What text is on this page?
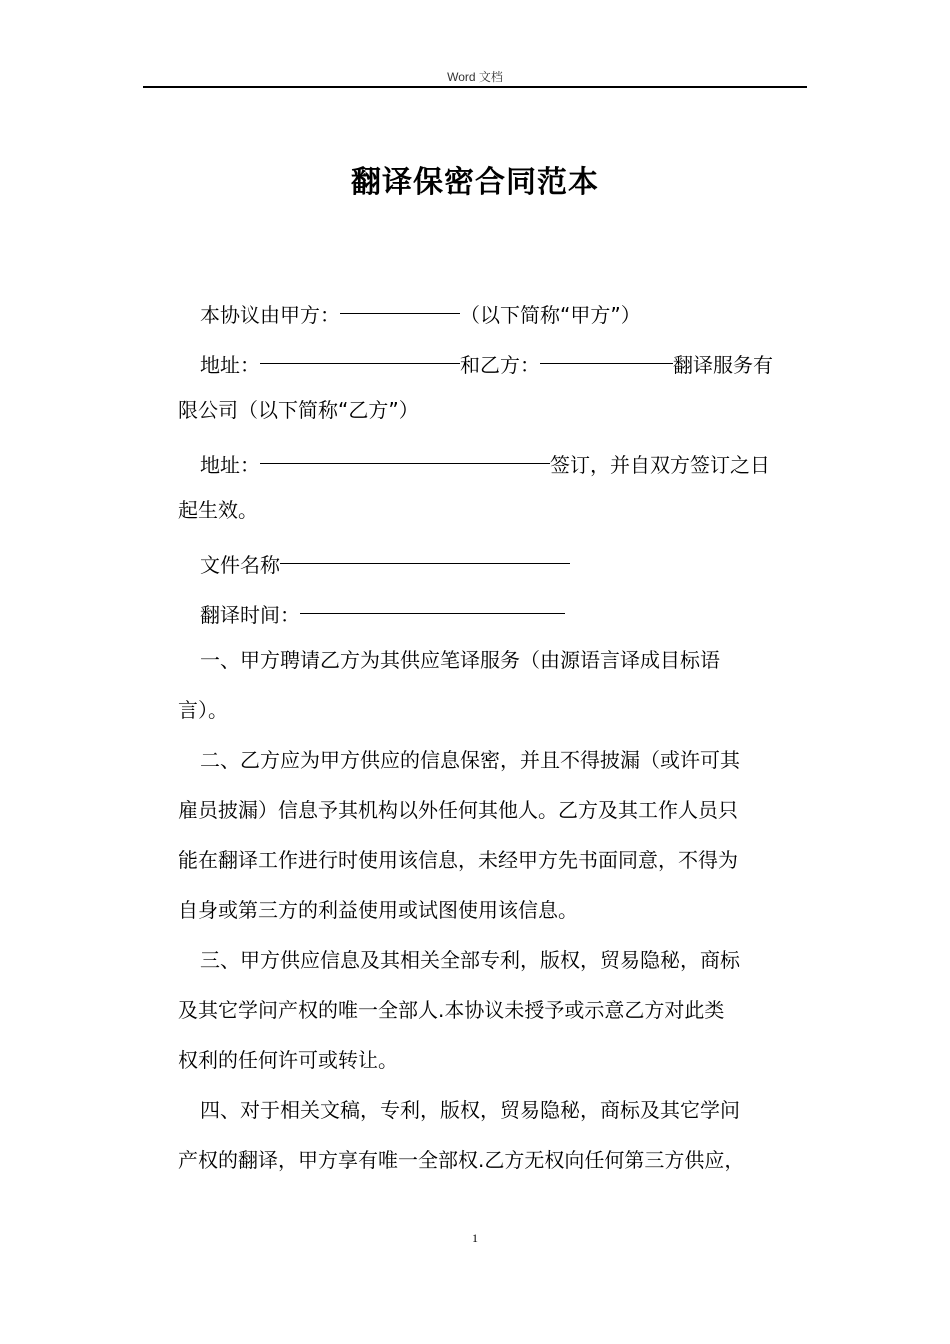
Word 文档
翻译保密合同范本
本协议由甲方：	（以下简称“甲方”）
地址：	和乙方：	翻译服务有
限公司（以下简称“乙方”）
地址：	签订，并自双方签订之日
起生效。
文件名称
翻译时间：
一、甲方聘请乙方为其供应笔译服务（由源语言译成目标语
言）。
二、乙方应为甲方供应的信息保密，并且不得披漏（或许可其
雇员披漏）信息予其机构以外任何其他人。乙方及其工作人员只
能在翻译工作进行时使用该信息，未经甲方先书面同意，不得为
自身或第三方的利益使用或试图使用该信息。
三、甲方供应信息及其相关全部专利，版权，贸易隐秘，商标
及其它学问产权的唯一全部人.本协议未授予或示意乙方对此类
权利的任何许可或转让。
四、对于相关文稿，专利，版权，贸易隐秘，商标及其它学问
产权的翻译，甲方享有唯一全部权.乙方无权向任何第三方供应，
1
